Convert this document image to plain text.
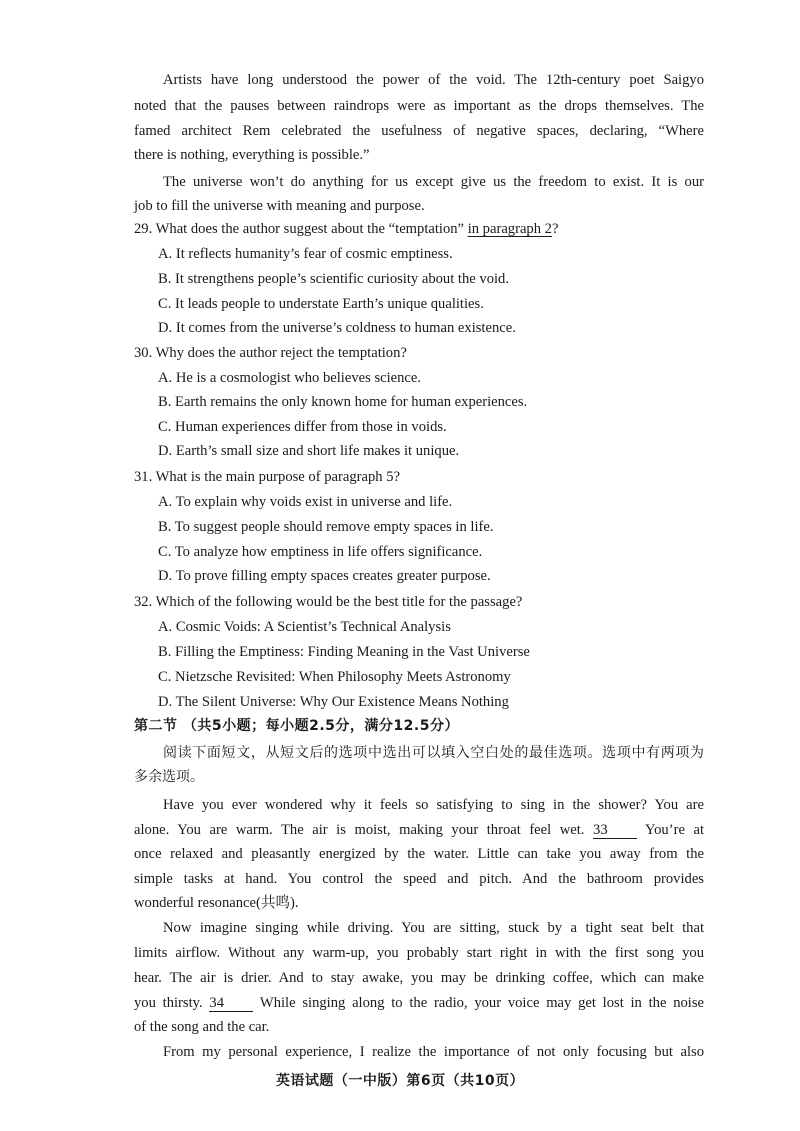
Artists have long understood the power of the void. The 12th-century poet Saigyo

noted that the pauses between raindrops were as important as the drops themselves. The

famed architect Rem celebrated the usefulness of negative spaces, declaring, “Where

there is nothing, everything is possible.”

The universe won’t do anything for us except give us the freedom to exist. It is our

job to fill the universe with meaning and purpose.

29. What does the author suggest about the “temptation” in paragraph 2?
A. It reflects humanity’s fear of cosmic emptiness.
B. It strengthens people’s scientific curiosity about the void.
C. It leads people to understate Earth’s unique qualities.
D. It comes from the universe’s coldness to human existence.
30. Why does the author reject the temptation?
A. He is a cosmologist who believes science.
B. Earth remains the only known home for human experiences.
C. Human experiences differ from those in voids.
D. Earth’s small size and short life makes it unique.
31. What is the main purpose of paragraph 5?
A. To explain why voids exist in universe and life.
B. To suggest people should remove empty spaces in life.
C. To analyze how emptiness in life offers significance.
D. To prove filling empty spaces creates greater purpose.
32. Which of the following would be the best title for the passage?
A. Cosmic Voids: A Scientist’s Technical Analysis
B. Filling the Emptiness: Finding Meaning in the Vast Universe
C. Nietzsche Revisited: When Philosophy Meets Astronomy
D. The Silent Universe: Why Our Existence Means Nothing
第二节 （共5小题；每小题2.5分，满分12.5分）

阅读下面短文，从短文后的选项中选出可以填入空白处的最佳选项。选项中有两项为

多余选项。

Have you ever wondered why it feels so satisfying to sing in the shower? You are

alone. You are warm. The air is moist, making your throat feel wet. 33	You’re at

once relaxed and pleasantly energized by the water. Little can take you away from the

simple tasks at hand. You control the speed and pitch. And the bathroom provides

wonderful resonance(共鸣).

Now imagine singing while driving. You are sitting, stuck by a tight seat belt that

limits airflow. Without any warm-up, you probably start right in with the first song you

hear. The air is drier. And to stay awake, you may be drinking coffee, which can make

you thirsty. 34 While singing along to the radio, your voice may get lost in the noise

of the song and the car.

From my personal experience, I realize the importance of not only focusing but also

英语试题（一中版）第6页（共10页）
